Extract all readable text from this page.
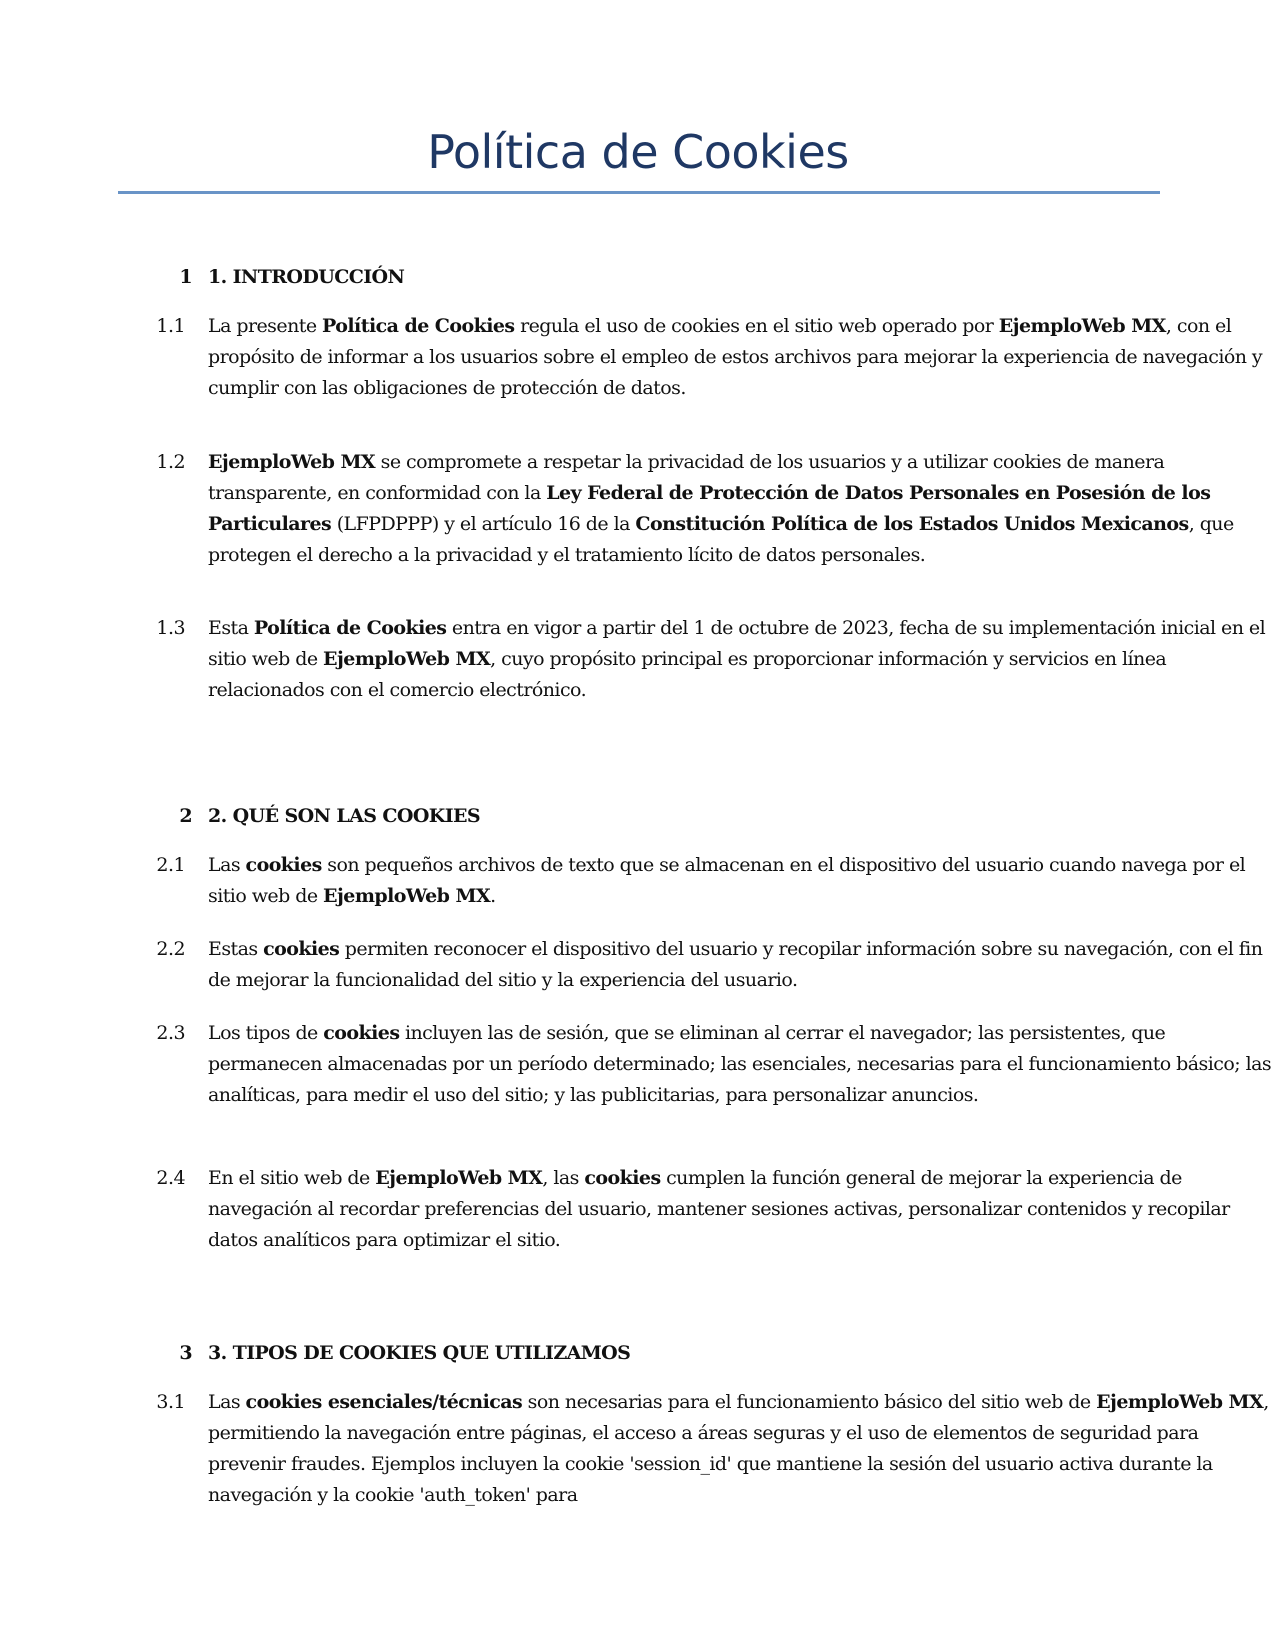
Política de Cookies
1 1. INTRODUCCIÓN
1.1 La presente Política de Cookies regula el uso de cookies en el sitio web operado por EjemploWeb MX, con el propósito de informar a los usuarios sobre el empleo de estos archivos para mejorar la experiencia de navegación y cumplir con las obligaciones de protección de datos.
1.2 EjemploWeb MX se compromete a respetar la privacidad de los usuarios y a utilizar cookies de manera transparente, en conformidad con la Ley Federal de Protección de Datos Personales en Posesión de los Particulares (LFPDPPP) y el artículo 16 de la Constitución Política de los Estados Unidos Mexicanos, que protegen el derecho a la privacidad y el tratamiento lícito de datos personales.
1.3 Esta Política de Cookies entra en vigor a partir del 1 de octubre de 2023, fecha de su implementación inicial en el sitio web de EjemploWeb MX, cuyo propósito principal es proporcionar información y servicios en línea relacionados con el comercio electrónico.
2 2. QUÉ SON LAS COOKIES
2.1 Las cookies son pequeños archivos de texto que se almacenan en el dispositivo del usuario cuando navega por el sitio web de EjemploWeb MX.
2.2 Estas cookies permiten reconocer el dispositivo del usuario y recopilar información sobre su navegación, con el fin de mejorar la funcionalidad del sitio y la experiencia del usuario.
2.3 Los tipos de cookies incluyen las de sesión, que se eliminan al cerrar el navegador; las persistentes, que permanecen almacenadas por un período determinado; las esenciales, necesarias para el funcionamiento básico; las analíticas, para medir el uso del sitio; y las publicitarias, para personalizar anuncios.
2.4 En el sitio web de EjemploWeb MX, las cookies cumplen la función general de mejorar la experiencia de navegación al recordar preferencias del usuario, mantener sesiones activas, personalizar contenidos y recopilar datos analíticos para optimizar el sitio.
3 3. TIPOS DE COOKIES QUE UTILIZAMOS
3.1 Las cookies esenciales/técnicas son necesarias para el funcionamiento básico del sitio web de EjemploWeb MX, permitiendo la navegación entre páginas, el acceso a áreas seguras y el uso de elementos de seguridad para prevenir fraudes. Ejemplos incluyen la cookie 'session_id' que mantiene la sesión del usuario activa durante la navegación y la cookie 'auth_token' para
